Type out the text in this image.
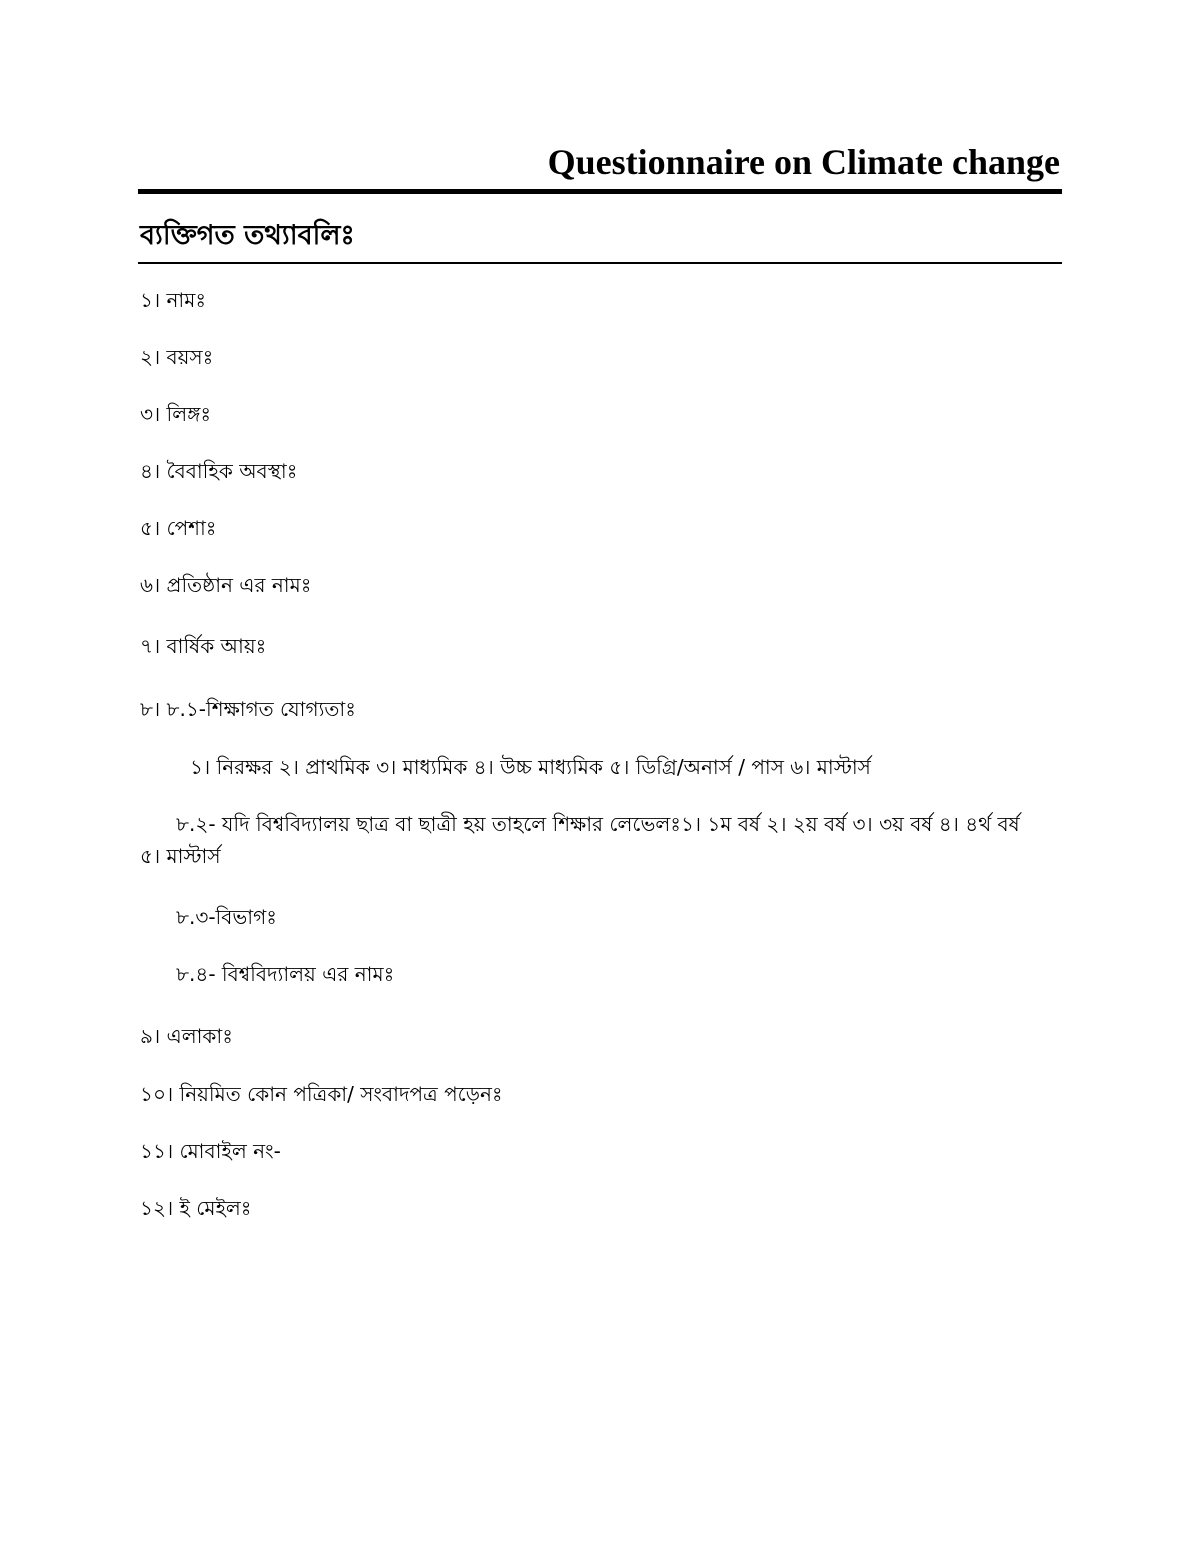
Questionnaire on Climate change
ব্যক্তিগত তথ্যাবলিঃ
১। নামঃ
২। বয়সঃ
৩। লিঙ্গঃ
৪। বৈবাহিক অবস্থাঃ
৫। পেশাঃ
৬। প্রতিষ্ঠান এর নামঃ
৭। বার্ষিক আয়ঃ
৮। ৮.১-শিক্ষাগত যোগ্যতাঃ
১। নিরক্ষর ২। প্রাথমিক ৩। মাধ্যমিক ৪। উচ্চ মাধ্যমিক ৫। ডিগ্রি/অনার্স / পাস ৬। মাস্টার্স
৮.২- যদি বিশ্ববিদ্যালয় ছাত্র বা ছাত্রী হয় তাহলে শিক্ষার লেভেলঃ১। ১ম বর্ষ ২। ২য় বর্ষ ৩। ৩য় বর্ষ ৪। ৪র্থ বর্ষ ৫। মাস্টার্স
৮.৩-বিভাগঃ
৮.৪- বিশ্ববিদ্যালয় এর নামঃ
৯। এলাকাঃ
১০। নিয়মিত কোন পত্রিকা/ সংবাদপত্র পড়েনঃ
১১। মোবাইল নং-
১২। ই মেইলঃ
